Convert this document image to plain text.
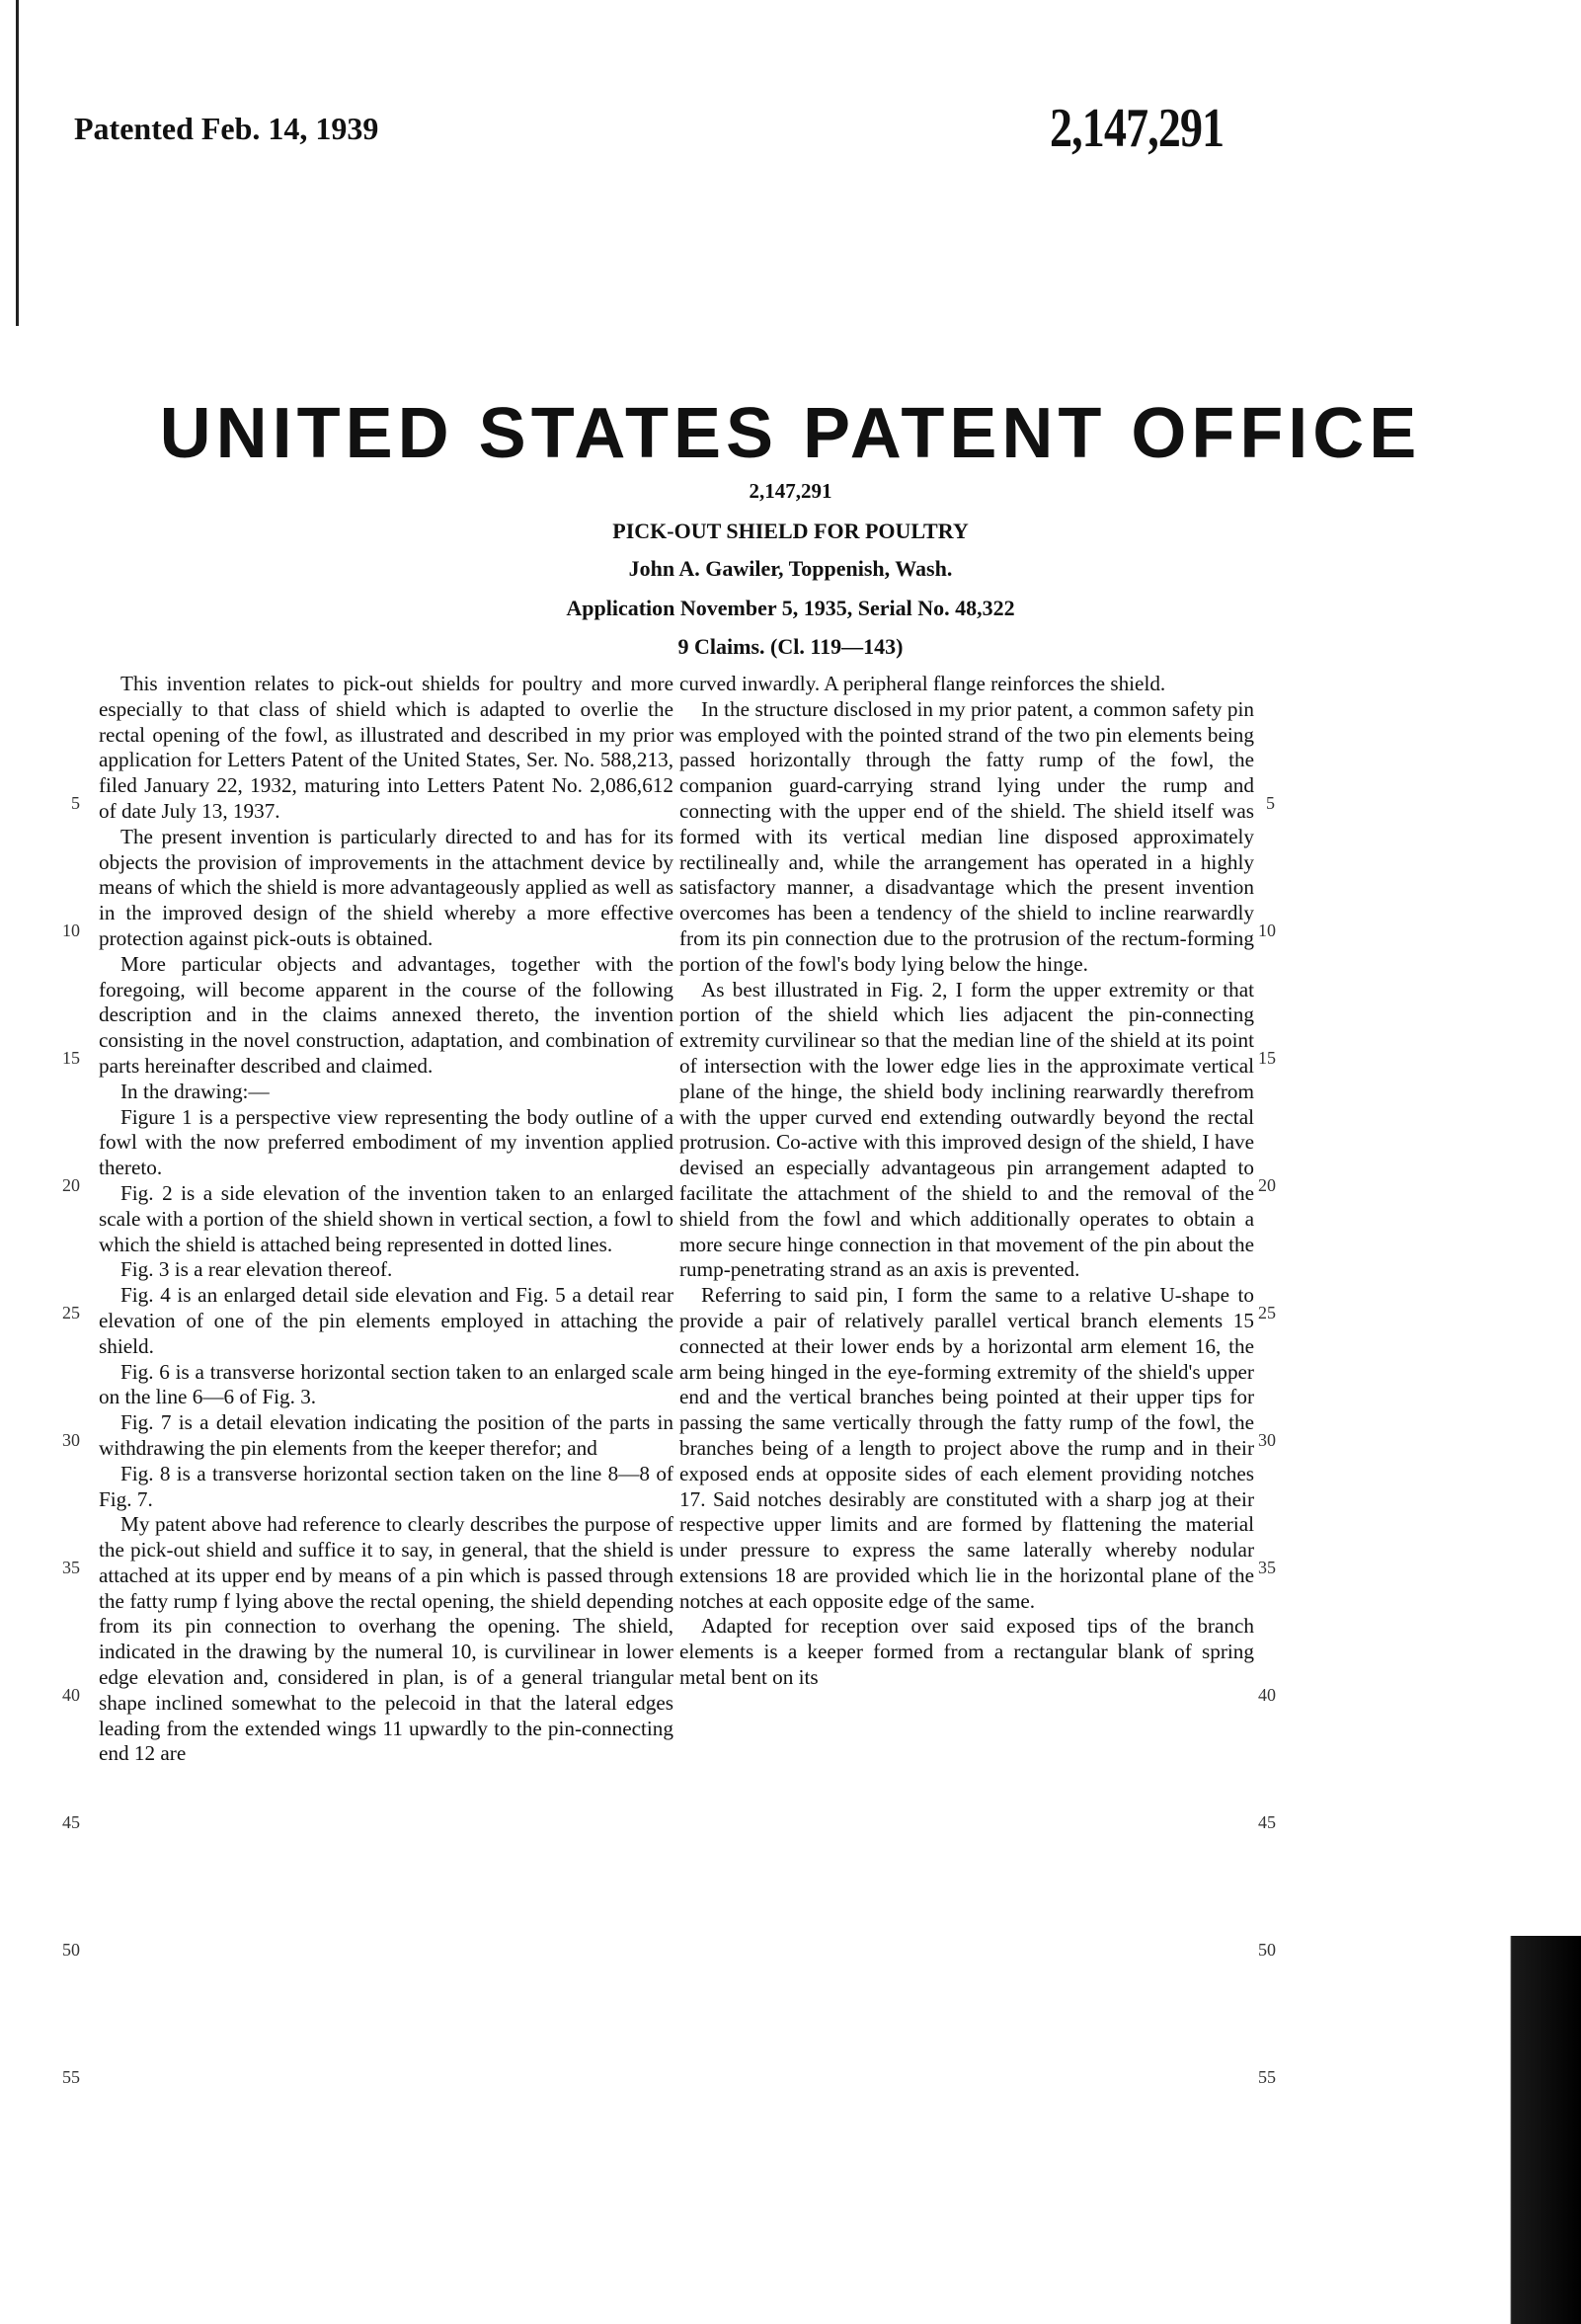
Patented Feb. 14, 1939	2,147,291
UNITED STATES PATENT OFFICE
2,147,291
PICK-OUT SHIELD FOR POULTRY
John A. Gawiler, Toppenish, Wash.
Application November 5, 1935, Serial No. 48,322
9 Claims. (Cl. 119—143)

This invention relates to pick-out shields for poultry and more especially to that class of shield which is adapted to overlie the rectal opening of the fowl, as illustrated and described in my prior application for Letters Patent of the United States, Ser. No. 588,213, filed January 22, 1932, maturing into Letters Patent No. 2,086,612 of date July 13, 1937.

The present invention is particularly directed to and has for its objects the provision of improvements in the attachment device by means of which the shield is more advantageously applied as well as in the improved design of the shield whereby a more effective protection against pick-outs is obtained.

More particular objects and advantages, together with the foregoing, will become apparent in the course of the following description and in the claims annexed thereto, the invention consisting in the novel construction, adaptation, and combination of parts hereinafter described and claimed.

In the drawing:—

Figure 1 is a perspective view representing the body outline of a fowl with the now preferred embodiment of my invention applied thereto.

Fig. 2 is a side elevation of the invention taken to an enlarged scale with a portion of the shield shown in vertical section, a fowl to which the shield is attached being represented in dotted lines.

Fig. 3 is a rear elevation thereof.

Fig. 4 is an enlarged detail side elevation and Fig. 5 a detail rear elevation of one of the pin elements employed in attaching the shield.

Fig. 6 is a transverse horizontal section taken to an enlarged scale on the line 6—6 of Fig. 3.

Fig. 7 is a detail elevation indicating the position of the parts in withdrawing the pin elements from the keeper therefor; and

Fig. 8 is a transverse horizontal section taken on the line 8—8 of Fig. 7.

My patent above had reference to clearly describes the purpose of the pick-out shield and suffice it to say, in general, that the shield is attached at its upper end by means of a pin which is passed through the fatty rump f lying above the rectal opening, the shield depending from its pin connection to overhang the opening. The shield, indicated in the drawing by the numeral 10, is curvilinear in lower edge elevation and, considered in plan, is of a general triangular shape inclined somewhat to the pelecoid in that the lateral edges leading from the extended wings 11 upwardly to the pin-connecting end 12 are

curved inwardly. A peripheral flange reinforces the shield.

In the structure disclosed in my prior patent, a common safety pin was employed with the pointed strand of the two pin elements being passed horizontally through the fatty rump of the fowl, the companion guard-carrying strand lying under the rump and connecting with the upper end of the shield. The shield itself was formed with its vertical median line disposed approximately rectilineally and, while the arrangement has operated in a highly satisfactory manner, a disadvantage which the present invention overcomes has been a tendency of the shield to incline rearwardly from its pin connection due to the protrusion of the rectum-forming portion of the fowl's body lying below the hinge.

As best illustrated in Fig. 2, I form the upper extremity or that portion of the shield which lies adjacent the pin-connecting extremity curvilinear so that the median line of the shield at its point of intersection with the lower edge lies in the approximate vertical plane of the hinge, the shield body inclining rearwardly therefrom with the upper curved end extending outwardly beyond the rectal protrusion. Co-active with this improved design of the shield, I have devised an especially advantageous pin arrangement adapted to facilitate the attachment of the shield to and the removal of the shield from the fowl and which additionally operates to obtain a more secure hinge connection in that movement of the pin about the rump-penetrating strand as an axis is prevented.

Referring to said pin, I form the same to a relative U-shape to provide a pair of relatively parallel vertical branch elements 15 connected at their lower ends by a horizontal arm element 16, the arm being hinged in the eye-forming extremity of the shield's upper end and the vertical branches being pointed at their upper tips for passing the same vertically through the fatty rump of the fowl, the branches being of a length to project above the rump and in their exposed ends at opposite sides of each element providing notches 17. Said notches desirably are constituted with a sharp jog at their respective upper limits and are formed by flattening the material under pressure to express the same laterally whereby nodular extensions 18 are provided which lie in the horizontal plane of the notches at each opposite edge of the same.

Adapted for reception over said exposed tips of the branch elements is a keeper formed from a rectangular blank of spring metal bent on its

5
10
15
20
25
30
35
40
45
50
55
5
10
15
20
25
30
35
40
45
50
55
